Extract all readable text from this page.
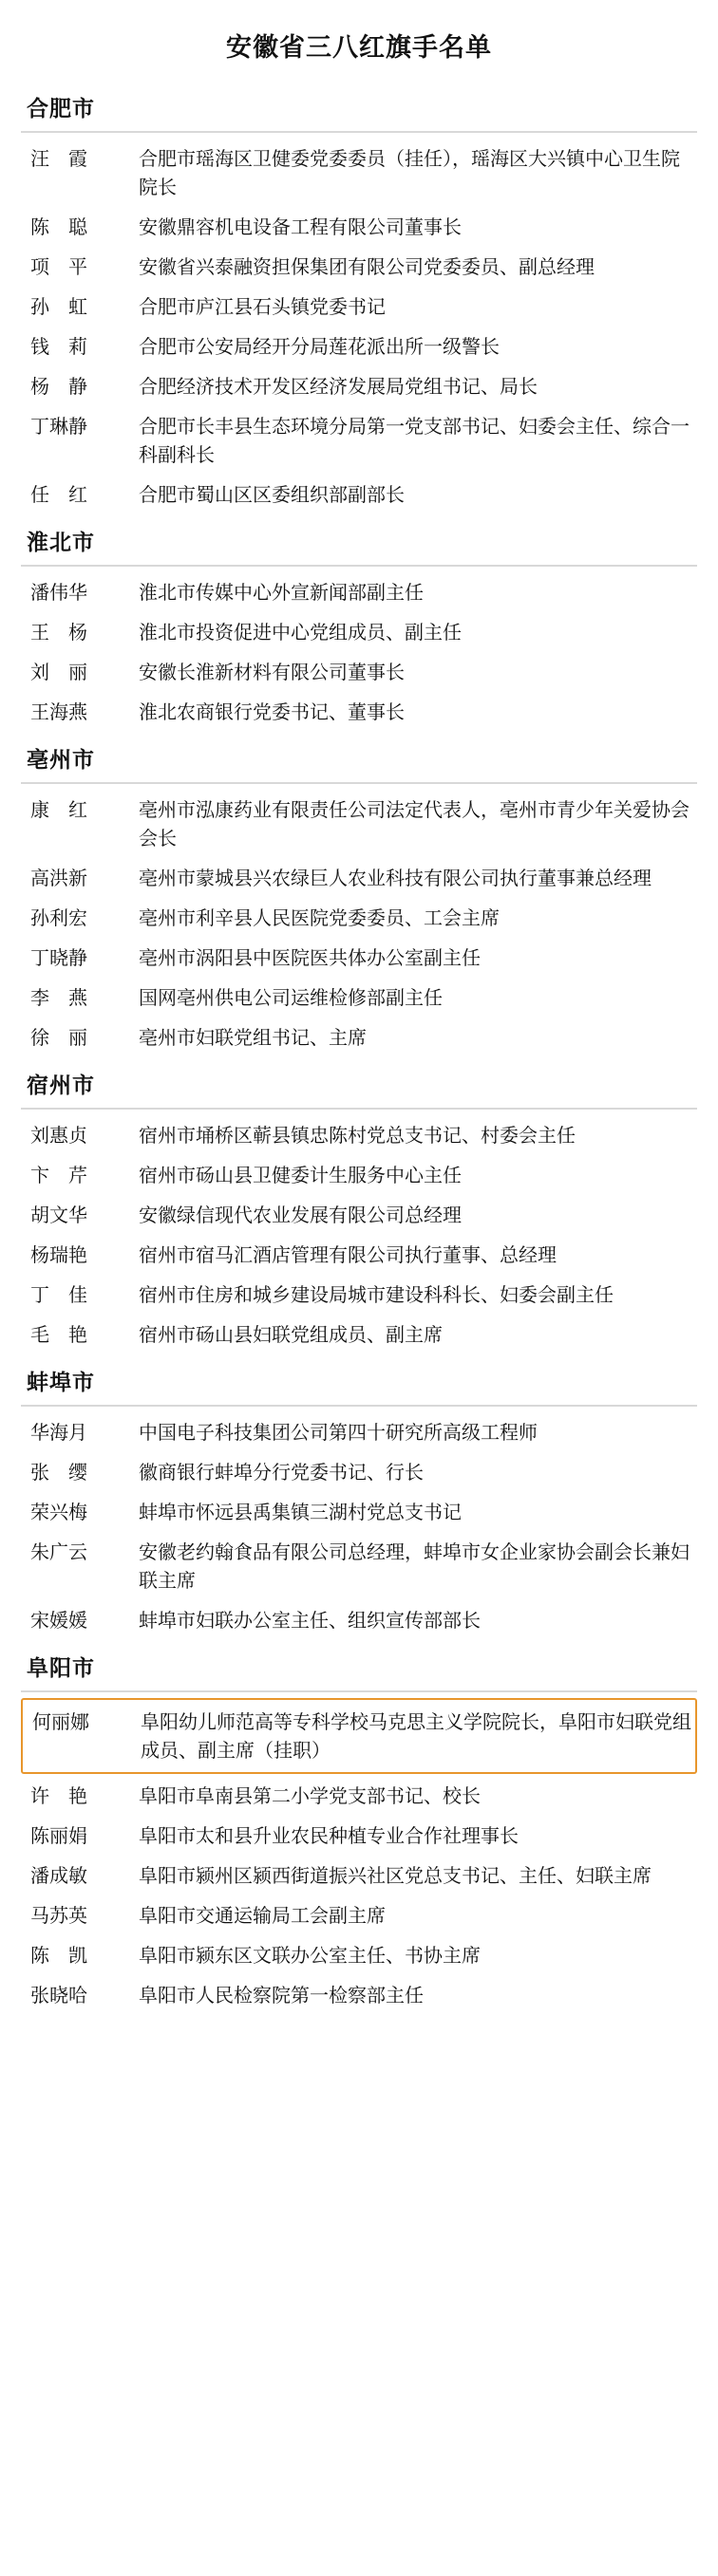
安徽省三八红旗手名单
合肥市
汪　霞	合肥市瑶海区卫健委党委委员（挂任），瑶海区大兴镇中心卫生院院长
陈　聪	安徽鼎容机电设备工程有限公司董事长
项　平	安徽省兴泰融资担保集团有限公司党委委员、副总经理
孙　虹	合肥市庐江县石头镇党委书记
钱　莉	合肥市公安局经开分局莲花派出所一级警长
杨　静	合肥经济技术开发区经济发展局党组书记、局长
丁琳静	合肥市长丰县生态环境分局第一党支部书记、妇委会主任、综合一科副科长
任　红	合肥市蜀山区区委组织部副部长
淮北市
潘伟华	淮北市传媒中心外宣新闻部副主任
王　杨	淮北市投资促进中心党组成员、副主任
刘　丽	安徽长淮新材料有限公司董事长
王海燕	淮北农商银行党委书记、董事长
亳州市
康　红	亳州市泓康药业有限责任公司法定代表人，亳州市青少年关爱协会会长
高洪新	亳州市蒙城县兴农绿巨人农业科技有限公司执行董事兼总经理
孙利宏	亳州市利辛县人民医院党委委员、工会主席
丁晓静	亳州市涡阳县中医院医共体办公室副主任
李　燕	国网亳州供电公司运维检修部副主任
徐　丽	亳州市妇联党组书记、主席
宿州市
刘惠贞	宿州市埇桥区蕲县镇忠陈村党总支书记、村委会主任
卞　芹	宿州市砀山县卫健委计生服务中心主任
胡文华	安徽绿信现代农业发展有限公司总经理
杨瑞艳	宿州市宿马汇酒店管理有限公司执行董事、总经理
丁　佳	宿州市住房和城乡建设局城市建设科科长、妇委会副主任
毛　艳	宿州市砀山县妇联党组成员、副主席
蚌埠市
华海月	中国电子科技集团公司第四十研究所高级工程师
张　缨	徽商银行蚌埠分行党委书记、行长
荣兴梅	蚌埠市怀远县禹集镇三湖村党总支书记
朱广云	安徽老约翰食品有限公司总经理，蚌埠市女企业家协会副会长兼妇联主席
宋媛媛	蚌埠市妇联办公室主任、组织宣传部部长
阜阳市
何丽娜	阜阳幼儿师范高等专科学校马克思主义学院院长，阜阳市妇联党组成员、副主席（挂职）
许　艳	阜阳市阜南县第二小学党支部书记、校长
陈丽娟	阜阳市太和县升业农民种植专业合作社理事长
潘成敏	阜阳市颍州区颍西街道振兴社区党总支书记、主任、妇联主席
马苏英	阜阳市交通运输局工会副主席
陈　凯	阜阳市颍东区文联办公室主任、书协主席
张晓哈	阜阳市人民检察院第一检察部主任
